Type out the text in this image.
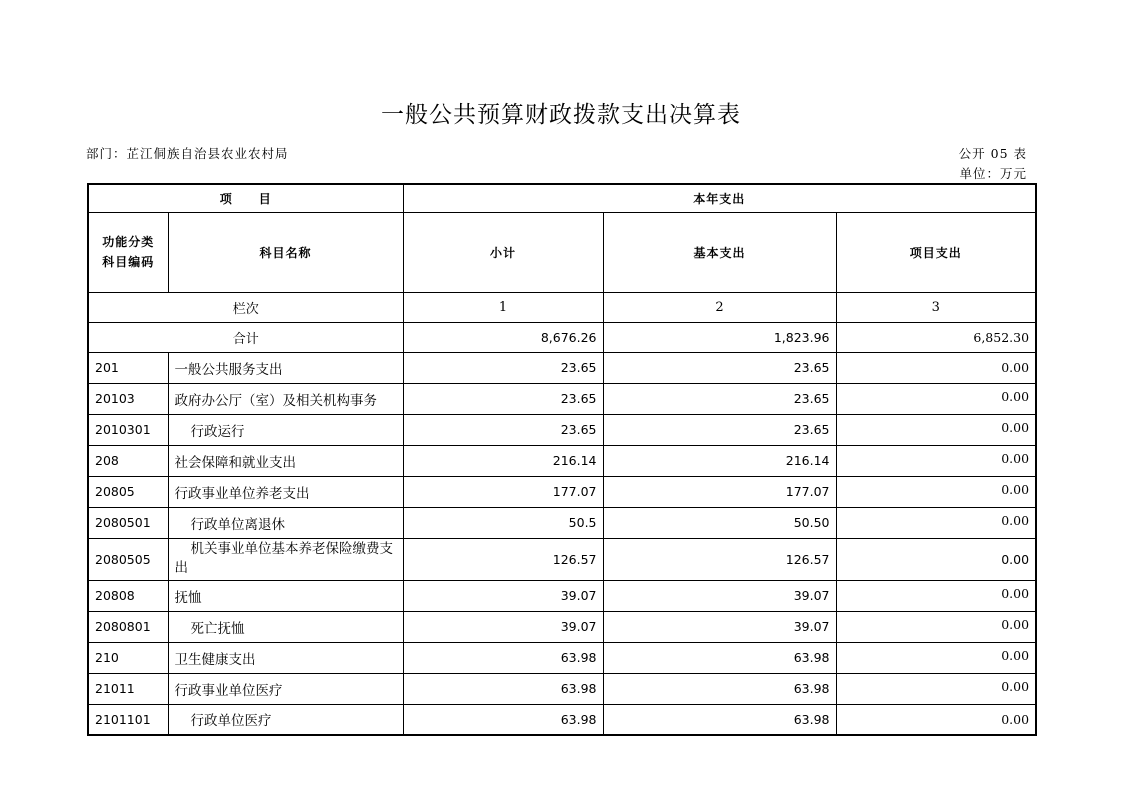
一般公共预算财政拨款支出决算表
部门：芷江侗族自治县农业农村局	公开 05 表
单位：万元
项　　目		本年支出		
功能分类科目编码	科目名称	小计	基本支出	项目支出
栏次		1	2	3
合计		8,676.26	1,823.96	6,852.30
201	一般公共服务支出	23.65	23.65	0.00
20103	政府办公厅（室）及相关机构事务	23.65	23.65	0.00
2010301	行政运行	23.65	23.65	0.00
208	社会保障和就业支出	216.14	216.14	0.00
20805	行政事业单位养老支出	177.07	177.07	0.00
2080501	行政单位离退休	50.5	50.50	0.00
2080505	机关事业单位基本养老保险缴费支出	126.57	126.57	0.00
20808	抚恤	39.07	39.07	0.00
2080801	死亡抚恤	39.07	39.07	0.00
210	卫生健康支出	63.98	63.98	0.00
21011	行政事业单位医疗	63.98	63.98	0.00
2101101	行政单位医疗	63.98	63.98	0.00
